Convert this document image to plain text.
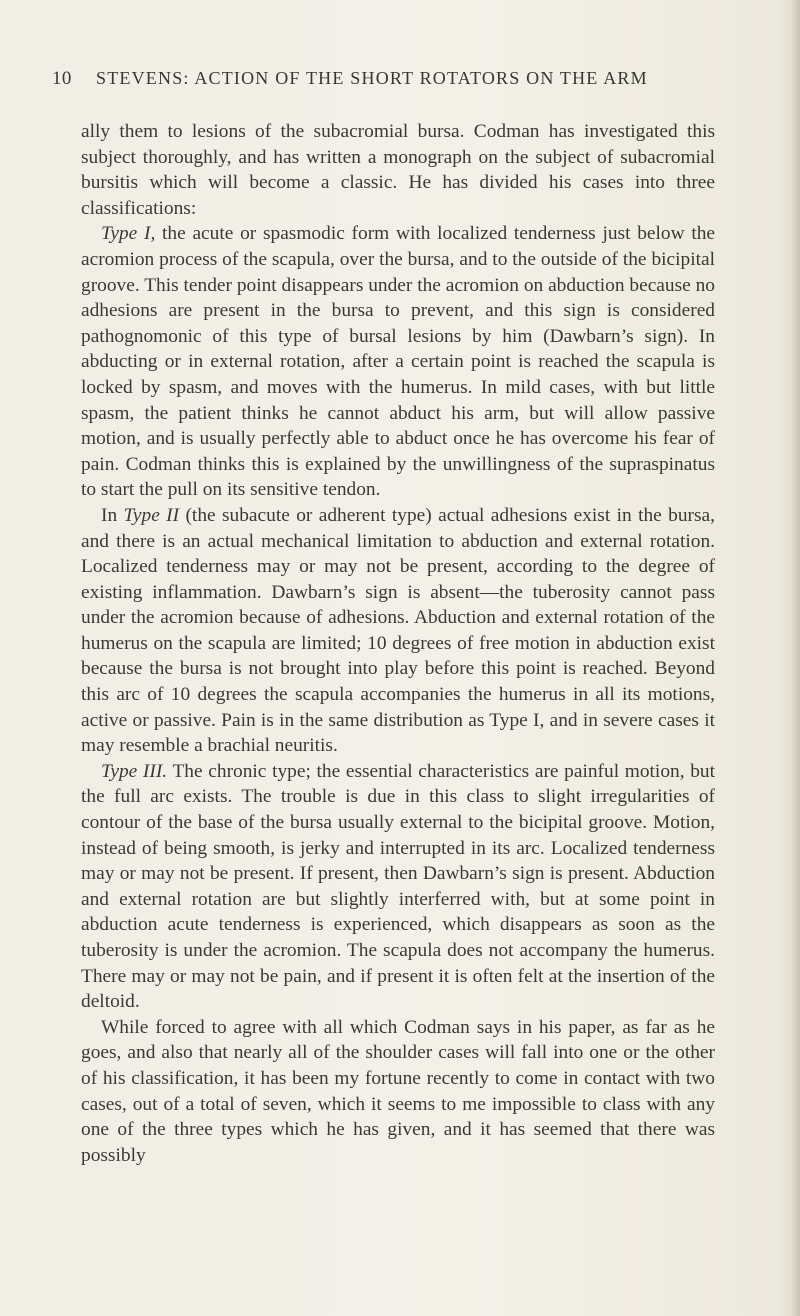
10 STEVENS: ACTION OF THE SHORT ROTATORS ON THE ARM

ally them to lesions of the subacromial bursa. Codman has investigated this subject thoroughly, and has written a monograph on the subject of subacromial bursitis which will become a classic. He has divided his cases into three classifications:

Type I, the acute or spasmodic form with localized tenderness just below the acromion process of the scapula, over the bursa, and to the outside of the bicipital groove. This tender point disappears under the acromion on abduction because no adhesions are present in the bursa to prevent, and this sign is considered pathognomonic of this type of bursal lesions by him (Dawbarn’s sign). In abducting or in external rotation, after a certain point is reached the scapula is locked by spasm, and moves with the humerus. In mild cases, with but little spasm, the patient thinks he cannot abduct his arm, but will allow passive motion, and is usually perfectly able to abduct once he has overcome his fear of pain. Codman thinks this is explained by the unwillingness of the supraspinatus to start the pull on its sensitive tendon.

In Type II (the subacute or adherent type) actual adhesions exist in the bursa, and there is an actual mechanical limitation to abduction and external rotation. Localized tenderness may or may not be present, according to the degree of existing inflammation. Dawbarn’s sign is absent—the tuberosity cannot pass under the acromion because of adhesions. Abduction and external rotation of the humerus on the scapula are limited; 10 degrees of free motion in abduction exist because the bursa is not brought into play before this point is reached. Beyond this arc of 10 degrees the scapula accompanies the humerus in all its motions, active or passive. Pain is in the same distribution as Type I, and in severe cases it may resemble a brachial neuritis.

Type III. The chronic type; the essential characteristics are painful motion, but the full arc exists. The trouble is due in this class to slight irregularities of contour of the base of the bursa usually external to the bicipital groove. Motion, instead of being smooth, is jerky and interrupted in its arc. Localized tenderness may or may not be present. If present, then Dawbarn’s sign is present. Abduction and external rotation are but slightly interferred with, but at some point in abduction acute tenderness is experienced, which disappears as soon as the tuberosity is under the acromion. The scapula does not accompany the humerus. There may or may not be pain, and if present it is often felt at the insertion of the deltoid.

While forced to agree with all which Codman says in his paper, as far as he goes, and also that nearly all of the shoulder cases will fall into one or the other of his classification, it has been my fortune recently to come in contact with two cases, out of a total of seven, which it seems to me impossible to class with any one of the three types which he has given, and it has seemed that there was possibly
